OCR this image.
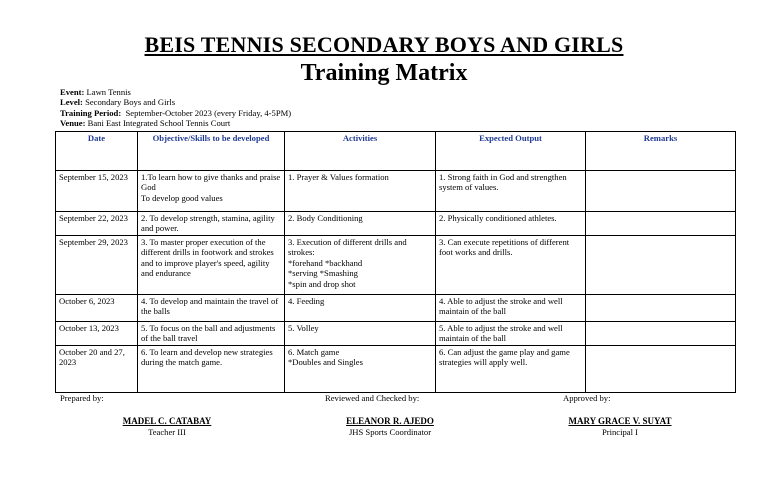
BEIS TENNIS SECONDARY BOYS AND GIRLS
Training Matrix
Event: Lawn Tennis
Level: Secondary Boys and Girls
Training Period:  September-October 2023 (every Friday, 4-5PM)
Venue: Bani East Integrated School Tennis Court
Date	Objective/Skills to be developed	Activities	Expected Output	Remarks

September 15, 2023	1.To learn how to give thanks and praise God
To develop good values	1. Prayer & Values formation	1. Strong faith in God and strengthen system of values.	

September 22, 2023	2. To develop strength, stamina, agility and power.	2. Body Conditioning	2. Physically conditioned athletes.	

September 29, 2023	3. To master proper execution of the different drills in footwork and strokes and to improve player's speed, agility and endurance	3. Execution of different drills and strokes:
*forehand *backhand
*serving *Smashing
*spin and drop shot	3. Can execute repetitions of different foot works and drills.	

October 6, 2023	4. To develop and maintain the travel of the balls	4. Feeding	4. Able to adjust the stroke and well maintain of the ball	

October 13, 2023	5. To focus on the ball and adjustments of the ball travel	5. Volley	5. Able to adjust the stroke and well maintain of the ball	

October 20 and 27, 2023	6. To learn and develop new strategies during the match game.	6. Match game
*Doubles and Singles	6. Can adjust the game play and game strategies will apply well.	

Prepared by:
MADEL C. CATABAY
Teacher III
Reviewed and Checked by:
ELEANOR R. AJEDO
JHS Sports Coordinator
Approved by:
MARY GRACE V. SUYAT
Principal I
